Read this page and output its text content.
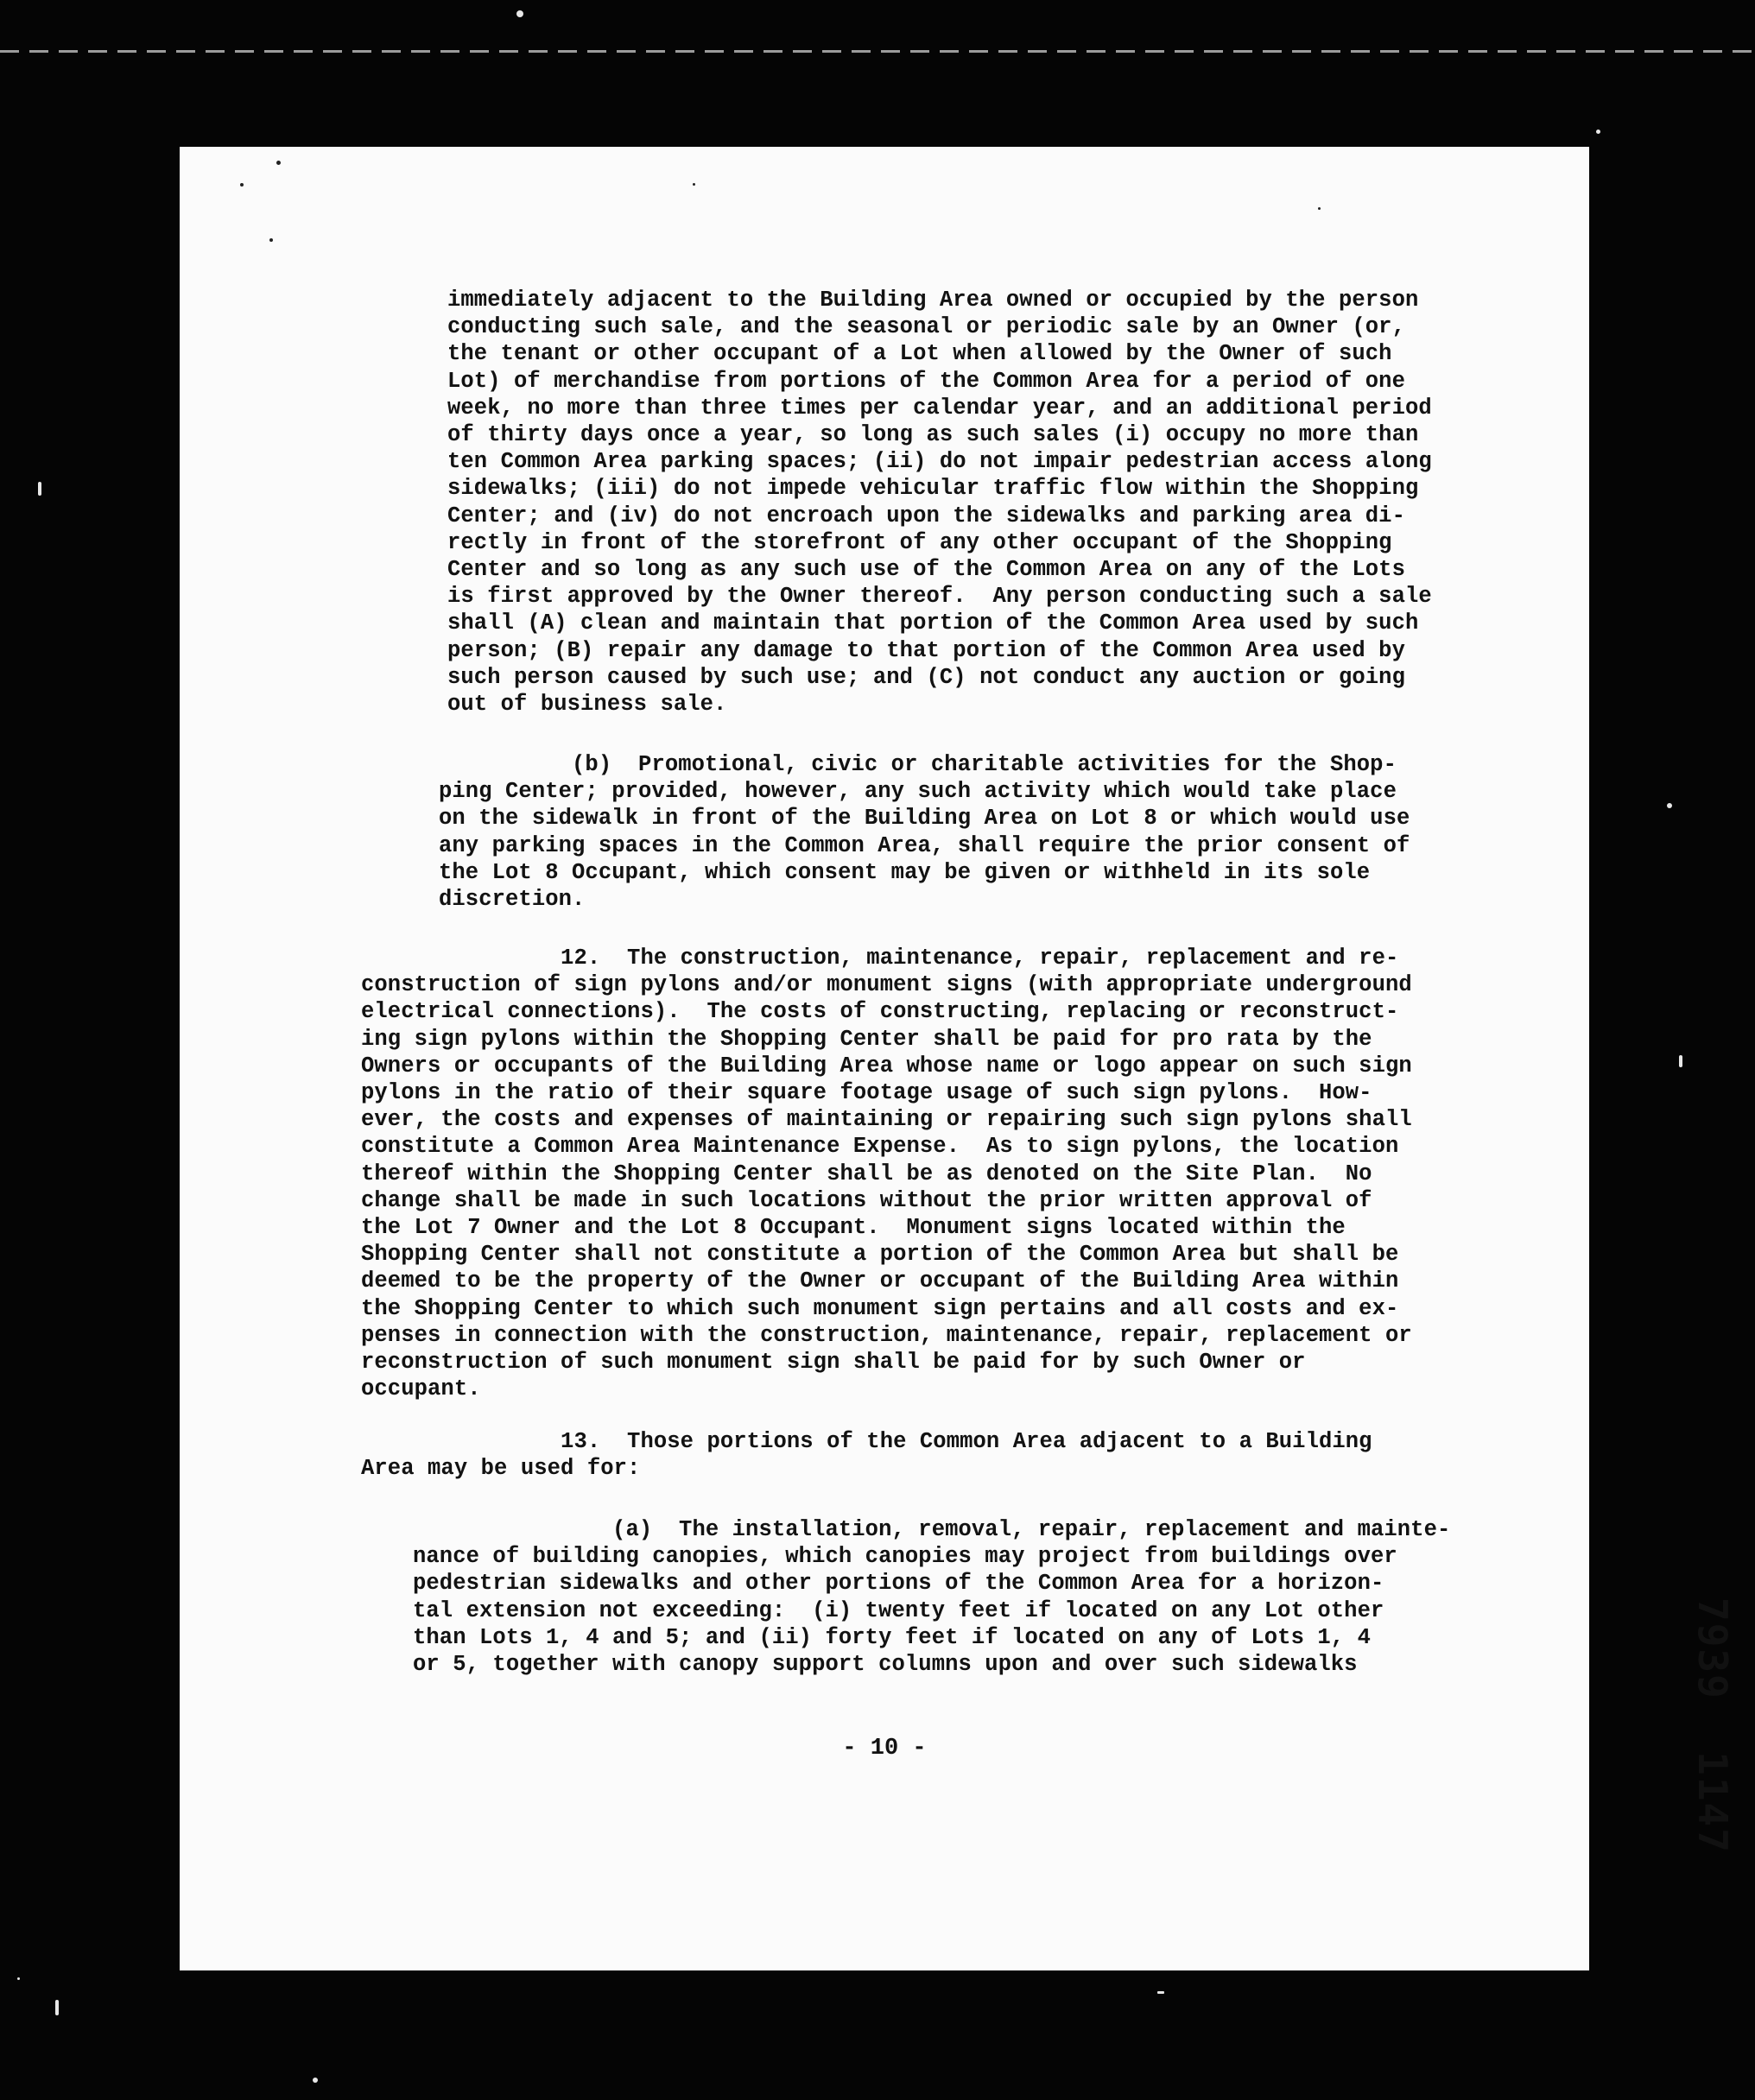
immediately adjacent to the Building Area owned or occupied by the person
conducting such sale, and the seasonal or periodic sale by an Owner (or,
the tenant or other occupant of a Lot when allowed by the Owner of such
Lot) of merchandise from portions of the Common Area for a period of one
week, no more than three times per calendar year, and an additional period
of thirty days once a year, so long as such sales (i) occupy no more than
ten Common Area parking spaces; (ii) do not impair pedestrian access along
sidewalks; (iii) do not impede vehicular traffic flow within the Shopping
Center; and (iv) do not encroach upon the sidewalks and parking area di-
rectly in front of the storefront of any other occupant of the Shopping
Center and so long as any such use of the Common Area on any of the Lots
is first approved by the Owner thereof.  Any person conducting such a sale
shall (A) clean and maintain that portion of the Common Area used by such
person; (B) repair any damage to that portion of the Common Area used by
such person caused by such use; and (C) not conduct any auction or going
out of business sale.
(b)  Promotional, civic or charitable activities for the Shop-
ping Center; provided, however, any such activity which would take place
on the sidewalk in front of the Building Area on Lot 8 or which would use
any parking spaces in the Common Area, shall require the prior consent of
the Lot 8 Occupant, which consent may be given or withheld in its sole
discretion.
12.  The construction, maintenance, repair, replacement and re-
construction of sign pylons and/or monument signs (with appropriate underground
electrical connections).  The costs of constructing, replacing or reconstruct-
ing sign pylons within the Shopping Center shall be paid for pro rata by the
Owners or occupants of the Building Area whose name or logo appear on such sign
pylons in the ratio of their square footage usage of such sign pylons.  How-
ever, the costs and expenses of maintaining or repairing such sign pylons shall
constitute a Common Area Maintenance Expense.  As to sign pylons, the location
thereof within the Shopping Center shall be as denoted on the Site Plan.  No
change shall be made in such locations without the prior written approval of
the Lot 7 Owner and the Lot 8 Occupant.  Monument signs located within the
Shopping Center shall not constitute a portion of the Common Area but shall be
deemed to be the property of the Owner or occupant of the Building Area within
the Shopping Center to which such monument sign pertains and all costs and ex-
penses in connection with the construction, maintenance, repair, replacement or
reconstruction of such monument sign shall be paid for by such Owner or
occupant.
13.  Those portions of the Common Area adjacent to a Building
Area may be used for:
(a)  The installation, removal, repair, replacement and mainte-
nance of building canopies, which canopies may project from buildings over
pedestrian sidewalks and other portions of the Common Area for a horizon-
tal extension not exceeding:  (i) twenty feet if located on any Lot other
than Lots 1, 4 and 5; and (ii) forty feet if located on any of Lots 1, 4
or 5, together with canopy support columns upon and over such sidewalks
- 10 -	7939  1147
